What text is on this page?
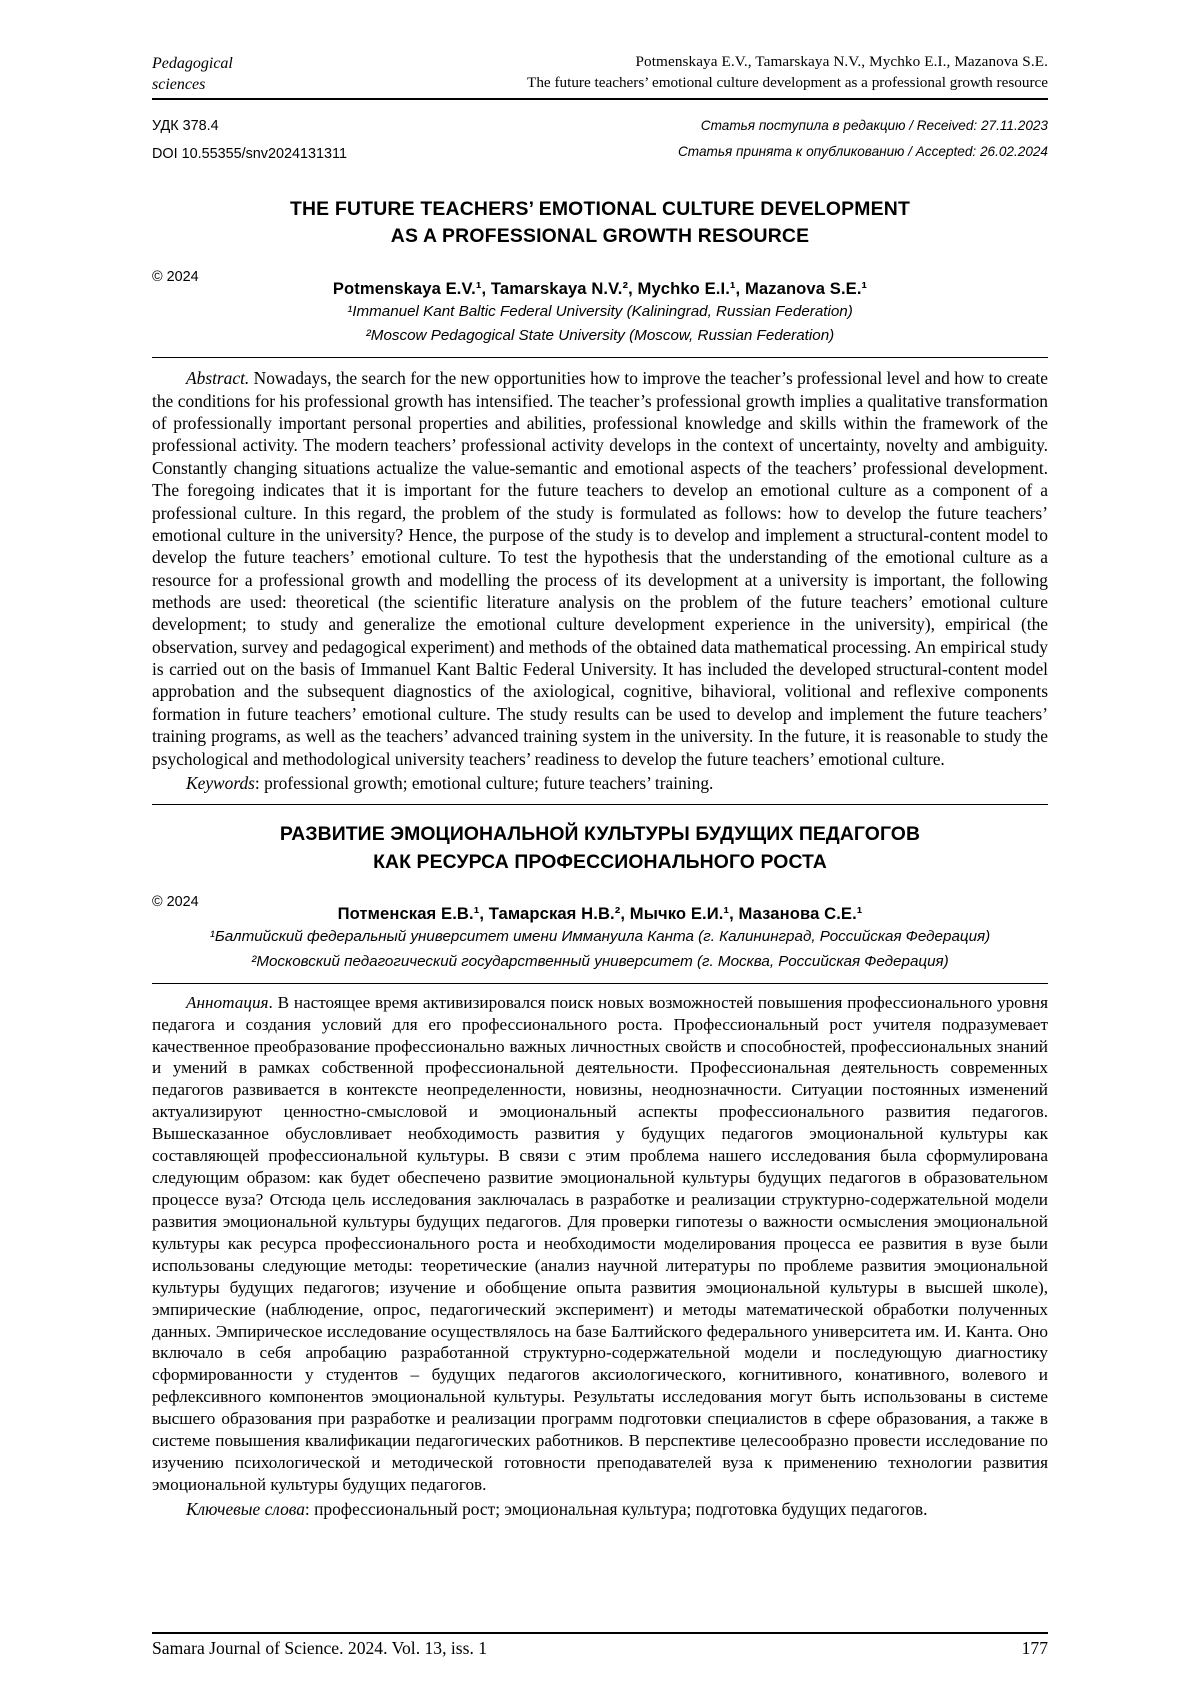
Pedagogical
sciences
Potmenskaya E.V., Tamarskaya N.V., Mychko E.I., Mazanova S.E.
The future teachers’ emotional culture development as a professional growth resource
УДК 378.4
DOI 10.55355/snv2024131311
Статья поступила в редакцию / Received: 27.11.2023
Статья принята к опубликованию / Accepted: 26.02.2024
THE FUTURE TEACHERS’ EMOTIONAL CULTURE DEVELOPMENT
AS A PROFESSIONAL GROWTH RESOURCE
© 2024
Potmenskaya E.V.¹, Tamarskaya N.V.², Mychko E.I.¹, Mazanova S.E.¹
¹Immanuel Kant Baltic Federal University (Kaliningrad, Russian Federation)
²Moscow Pedagogical State University (Moscow, Russian Federation)
Abstract. Nowadays, the search for the new opportunities how to improve the teacher’s professional level and how to create the conditions for his professional growth has intensified. The teacher’s professional growth implies a qualitative transformation of professionally important personal properties and abilities, professional knowledge and skills within the framework of the professional activity. The modern teachers’ professional activity develops in the context of uncertainty, novelty and ambiguity. Constantly changing situations actualize the value-semantic and emotional aspects of the teachers’ professional development. The foregoing indicates that it is important for the future teachers to develop an emotional culture as a component of a professional culture. In this regard, the problem of the study is formulated as follows: how to develop the future teachers’ emotional culture in the university? Hence, the purpose of the study is to develop and implement a structural-content model to develop the future teachers’ emotional culture. To test the hypothesis that the understanding of the emotional culture as a resource for a professional growth and modelling the process of its development at a university is important, the following methods are used: theoretical (the scientific literature analysis on the problem of the future teachers’ emotional culture development; to study and generalize the emotional culture development experience in the university), empirical (the observation, survey and pedagogical experiment) and methods of the obtained data mathematical processing. An empirical study is carried out on the basis of Immanuel Kant Baltic Federal University. It has included the developed structural-content model approbation and the subsequent diagnostics of the axiological, cognitive, bihavioral, volitional and reflexive components formation in future teachers’ emotional culture. The study results can be used to develop and implement the future teachers’ training programs, as well as the teachers’ advanced training system in the university. In the future, it is reasonable to study the psychological and methodological university teachers’ readiness to develop the future teachers’ emotional culture.
Keywords: professional growth; emotional culture; future teachers’ training.
РАЗВИТИЕ ЭМОЦИОНАЛЬНОЙ КУЛЬТУРЫ БУДУЩИХ ПЕДАГОГОВ
КАК РЕСУРСА ПРОФЕССИОНАЛЬНОГО РОСТА
© 2024
Потменская Е.В.¹, Тамарская Н.В.², Мычко Е.И.¹, Мазанова С.Е.¹
¹Балтийский федеральный университет имени Иммануила Канта (г. Калининград, Российская Федерация)
²Московский педагогический государственный университет (г. Москва, Российская Федерация)
Аннотация. В настоящее время активизировался поиск новых возможностей повышения профессионального уровня педагога и создания условий для его профессионального роста. Профессиональный рост учителя подразумевает качественное преобразование профессионально важных личностных свойств и способностей, профессиональных знаний и умений в рамках собственной профессиональной деятельности. Профессиональная деятельность современных педагогов развивается в контексте неопределенности, новизны, неоднозначности. Ситуации постоянных изменений актуализируют ценностно-смысловой и эмоциональный аспекты профессионального развития педагогов. Вышесказанное обусловливает необходимость развития у будущих педагогов эмоциональной культуры как составляющей профессиональной культуры. В связи с этим проблема нашего исследования была сформулирована следующим образом: как будет обеспечено развитие эмоциональной культуры будущих педагогов в образовательном процессе вуза? Отсюда цель исследования заключалась в разработке и реализации структурно-содержательной модели развития эмоциональной культуры будущих педагогов. Для проверки гипотезы о важности осмысления эмоциональной культуры как ресурса профессионального роста и необходимости моделирования процесса ее развития в вузе были использованы следующие методы: теоретические (анализ научной литературы по проблеме развития эмоциональной культуры будущих педагогов; изучение и обобщение опыта развития эмоциональной культуры в высшей школе), эмпирические (наблюдение, опрос, педагогический эксперимент) и методы математической обработки полученных данных. Эмпирическое исследование осуществлялось на базе Балтийского федерального университета им. И. Канта. Оно включало в себя апробацию разработанной структурно-содержательной модели и последующую диагностику сформированности у студентов – будущих педагогов аксиологического, когнитивного, конативного, волевого и рефлексивного компонентов эмоциональной культуры. Результаты исследования могут быть использованы в системе высшего образования при разработке и реализации программ подготовки специалистов в сфере образования, а также в системе повышения квалификации педагогических работников. В перспективе целесообразно провести исследование по изучению психологической и методической готовности преподавателей вуза к применению технологии развития эмоциональной культуры будущих педагогов.
Ключевые слова: профессиональный рост; эмоциональная культура; подготовка будущих педагогов.
Samara Journal of Science. 2024. Vol. 13, iss. 1	177
